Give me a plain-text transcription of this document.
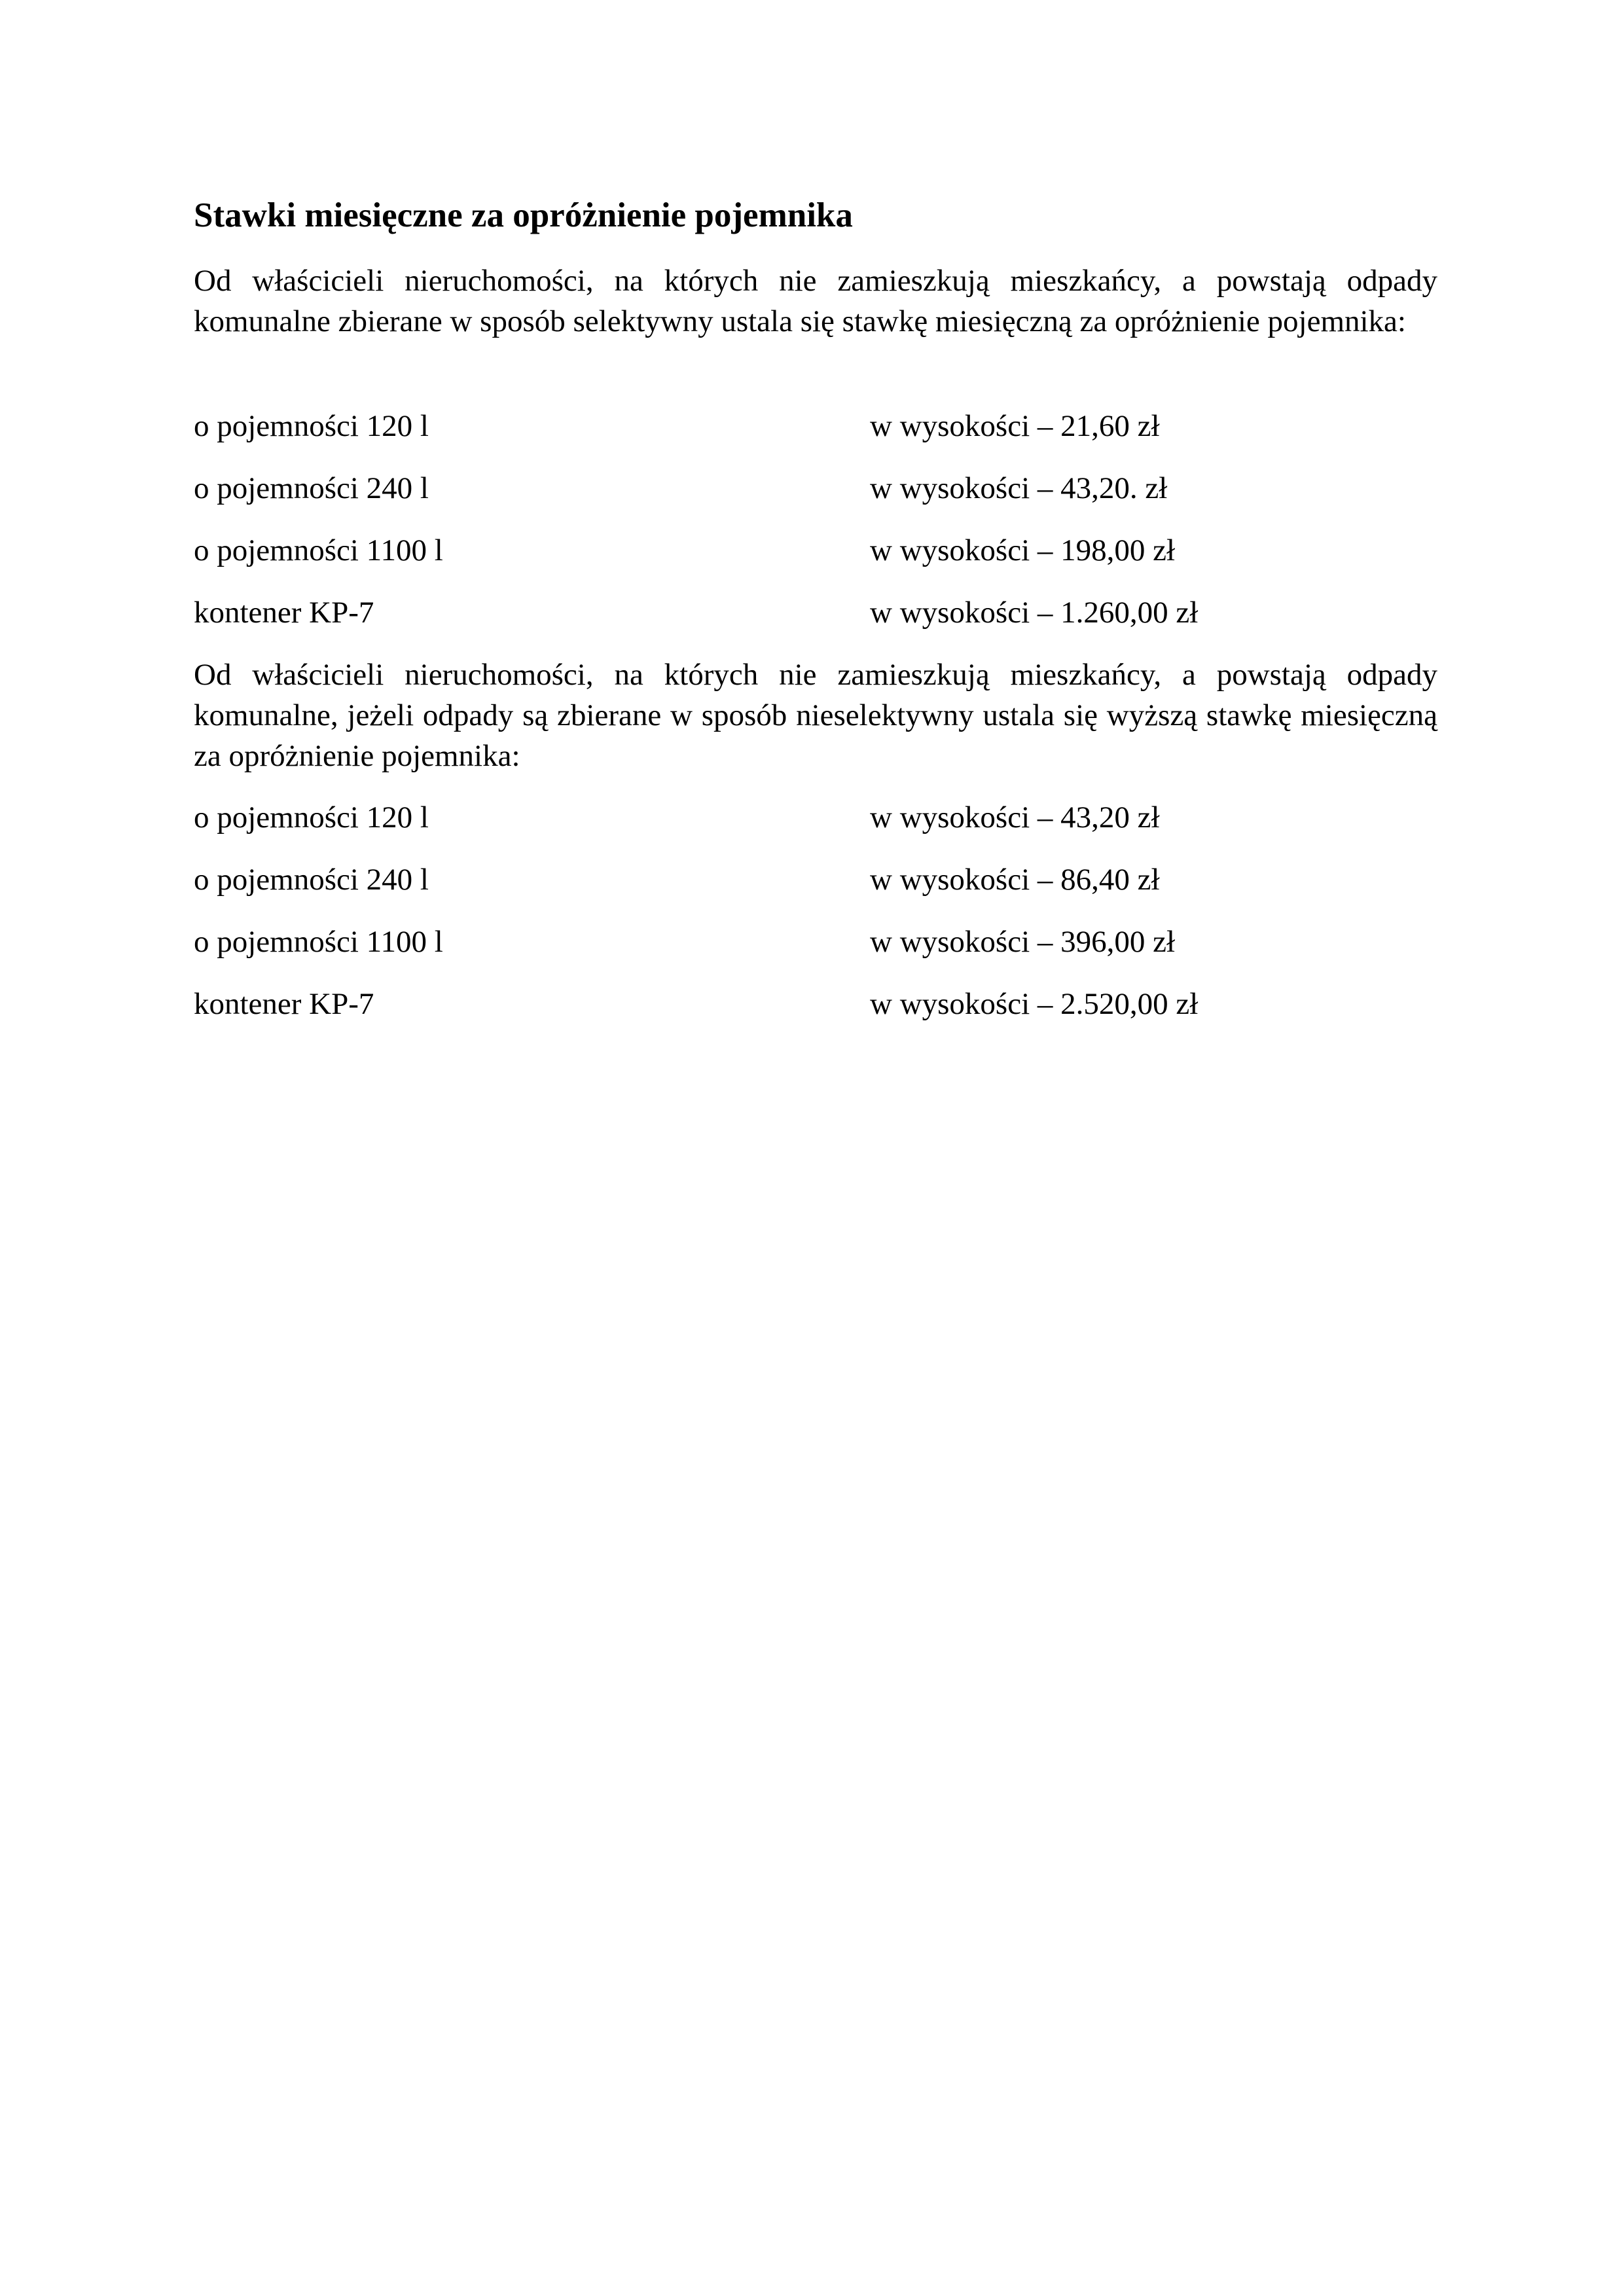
Stawki miesięczne za opróżnienie pojemnika
Od właścicieli nieruchomości, na których nie zamieszkują mieszkańcy, a powstają odpady komunalne zbierane w sposób selektywny ustala się stawkę miesięczną za opróżnienie pojemnika:
o pojemności 120 l	w wysokości – 21,60 zł
o pojemności 240 l	w wysokości – 43,20. zł
o pojemności 1100 l	w wysokości – 198,00 zł
kontener KP-7	w wysokości – 1.260,00 zł
Od właścicieli nieruchomości, na których nie zamieszkują mieszkańcy, a powstają odpady komunalne, jeżeli odpady są zbierane w sposób nieselektywny ustala się wyższą stawkę miesięczną za opróżnienie pojemnika:
o pojemności 120 l	w wysokości – 43,20 zł
o pojemności 240 l	w wysokości – 86,40 zł
o pojemności 1100 l	w wysokości – 396,00 zł
kontener KP-7	w wysokości – 2.520,00 zł
